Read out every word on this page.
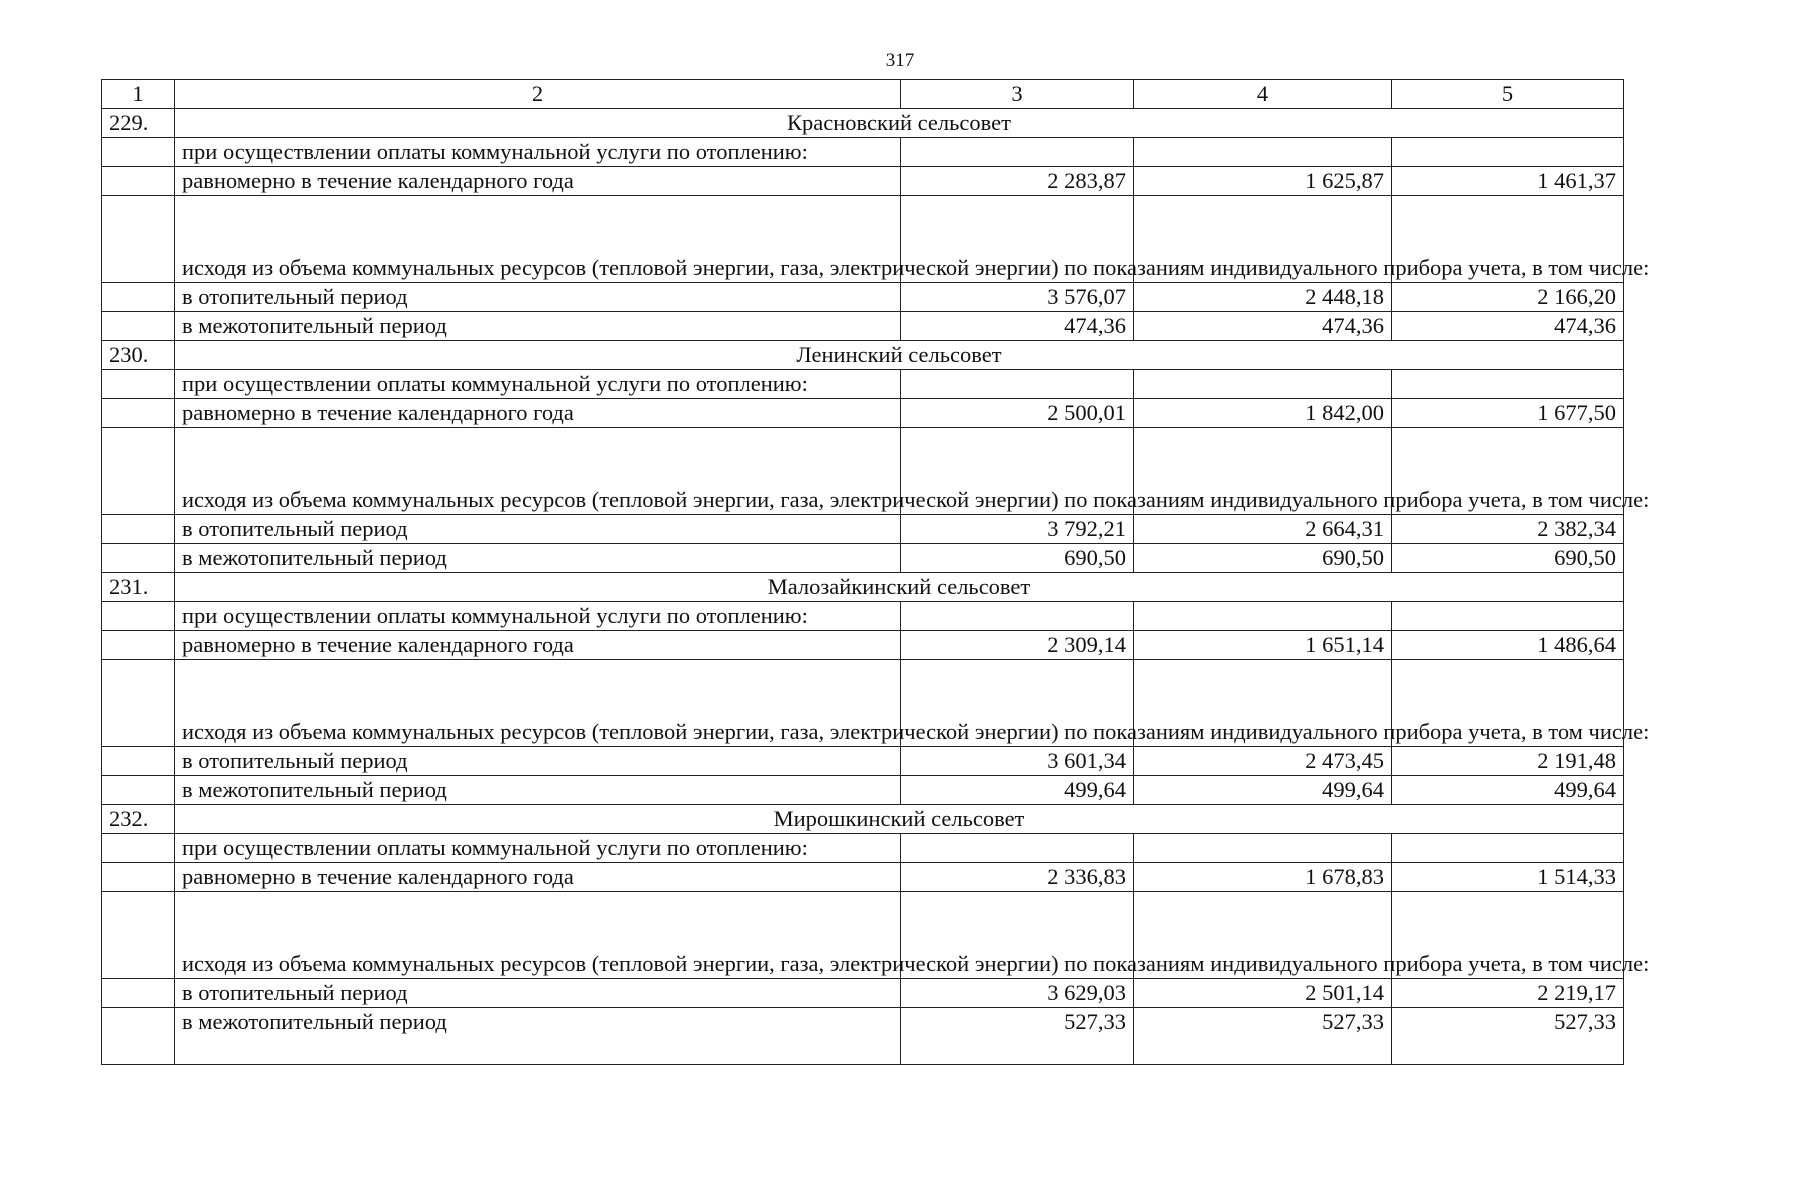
317
1	2	3	4	5
229.	Красновский сельсовет			
	при осуществлении оплаты коммунальной услуги по отоплению:			
	равномерно в течение календарного года	2 283,87	1 625,87	1 461,37
	исходя из объема коммунальных ресурсов (тепловой энергии, газа, электрической энергии) по показаниям индивидуального прибора учета, в том числе:			
	в отопительный период	3 576,07	2 448,18	2 166,20
	в межотопительный период	474,36	474,36	474,36
230.	Ленинский сельсовет			
	при осуществлении оплаты коммунальной услуги по отоплению:			
	равномерно в течение календарного года	2 500,01	1 842,00	1 677,50
	исходя из объема коммунальных ресурсов (тепловой энергии, газа, электрической энергии) по показаниям индивидуального прибора учета, в том числе:			
	в отопительный период	3 792,21	2 664,31	2 382,34
	в межотопительный период	690,50	690,50	690,50
231.	Малозайкинский сельсовет			
	при осуществлении оплаты коммунальной услуги по отоплению:			
	равномерно в течение календарного года	2 309,14	1 651,14	1 486,64
	исходя из объема коммунальных ресурсов (тепловой энергии, газа, электрической энергии) по показаниям индивидуального прибора учета, в том числе:			
	в отопительный период	3 601,34	2 473,45	2 191,48
	в межотопительный период	499,64	499,64	499,64
232.	Мирошкинский сельсовет			
	при осуществлении оплаты коммунальной услуги по отоплению:			
	равномерно в течение календарного года	2 336,83	1 678,83	1 514,33
	исходя из объема коммунальных ресурсов (тепловой энергии, газа, электрической энергии) по показаниям индивидуального прибора учета, в том числе:			
	в отопительный период	3 629,03	2 501,14	2 219,17
	в межотопительный период	527,33	527,33	527,33
